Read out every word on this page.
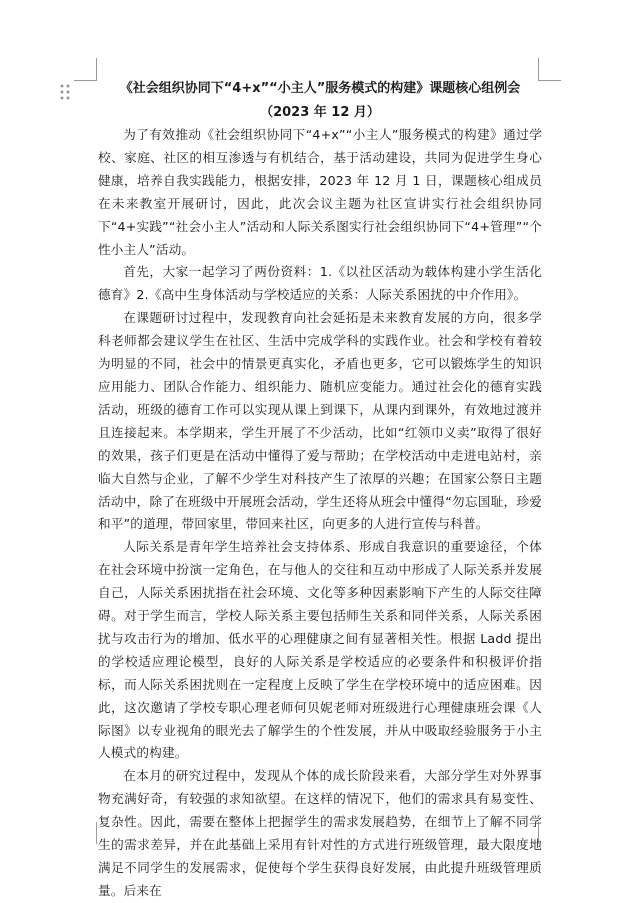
《社会组织协同下“4+x”“小主人”服务模式的构建》课题核心组例会

（2023 年 12 月）

为了有效推动《社会组织协同下“4+x”“小主人”服务模式的构建》通过学校、家庭、社区的相互渗透与有机结合，基于活动建设，共同为促进学生身心健康，培养自我实践能力，根据安排，2023 年 12 月 1 日，课题核心组成员在未来教室开展研讨，因此，此次会议主题为社区宣讲实行社会组织协同下“4+实践”“社会小主人”活动和人际关系图实行社会组织协同下“4+管理”“个性小主人”活动。

首先，大家一起学习了两份资料：1.《以社区活动为载体构建小学生活化德育》2.《高中生身体活动与学校适应的关系：人际关系困扰的中介作用》。

在课题研讨过程中，发现教育向社会延拓是未来教育发展的方向，很多学科老师都会建议学生在社区、生活中完成学科的实践作业。社会和学校有着较为明显的不同，社会中的情景更真实化，矛盾也更多，它可以锻炼学生的知识应用能力、团队合作能力、组织能力、随机应变能力。通过社会化的德育实践活动，班级的德育工作可以实现从课上到课下，从课内到课外，有效地过渡并且连接起来。本学期来，学生开展了不少活动，比如“红领巾义卖”取得了很好的效果，孩子们更是在活动中懂得了爱与帮助；在学校活动中走进电站村，亲临大自然与企业，了解不少学生对科技产生了浓厚的兴趣；在国家公祭日主题活动中，除了在班级中开展班会活动，学生还将从班会中懂得“勿忘国耻，珍爱和平”的道理，带回家里，带回来社区，向更多的人进行宣传与科普。

人际关系是青年学生培养社会支持体系、形成自我意识的重要途径，个体在社会环境中扮演一定角色，在与他人的交往和互动中形成了人际关系并发展自己，人际关系困扰指在社会环境、文化等多种因素影响下产生的人际交往障碍。对于学生而言，学校人际关系主要包括师生关系和同伴关系，人际关系困扰与攻击行为的增加、低水平的心理健康之间有显著相关性。根据 Ladd 提出的学校适应理论模型，良好的人际关系是学校适应的必要条件和积极评价指标，而人际关系困扰则在一定程度上反映了学生在学校环境中的适应困难。因此，这次邀请了学校专职心理老师何贝妮老师对班级进行心理健康班会课《人际图》以专业视角的眼光去了解学生的个性发展，并从中吸取经验服务于小主人模式的构建。

在本月的研究过程中，发现从个体的成长阶段来看，大部分学生对外界事物充满好奇，有较强的求知欲望。在这样的情况下，他们的需求具有易变性、复杂性。因此，需要在整体上把握学生的需求发展趋势，在细节上了解不同学生的需求差异，并在此基础上采用有针对性的方式进行班级管理，最大限度地满足不同学生的发展需求，促使每个学生获得良好发展，由此提升班级管理质量。后来在
